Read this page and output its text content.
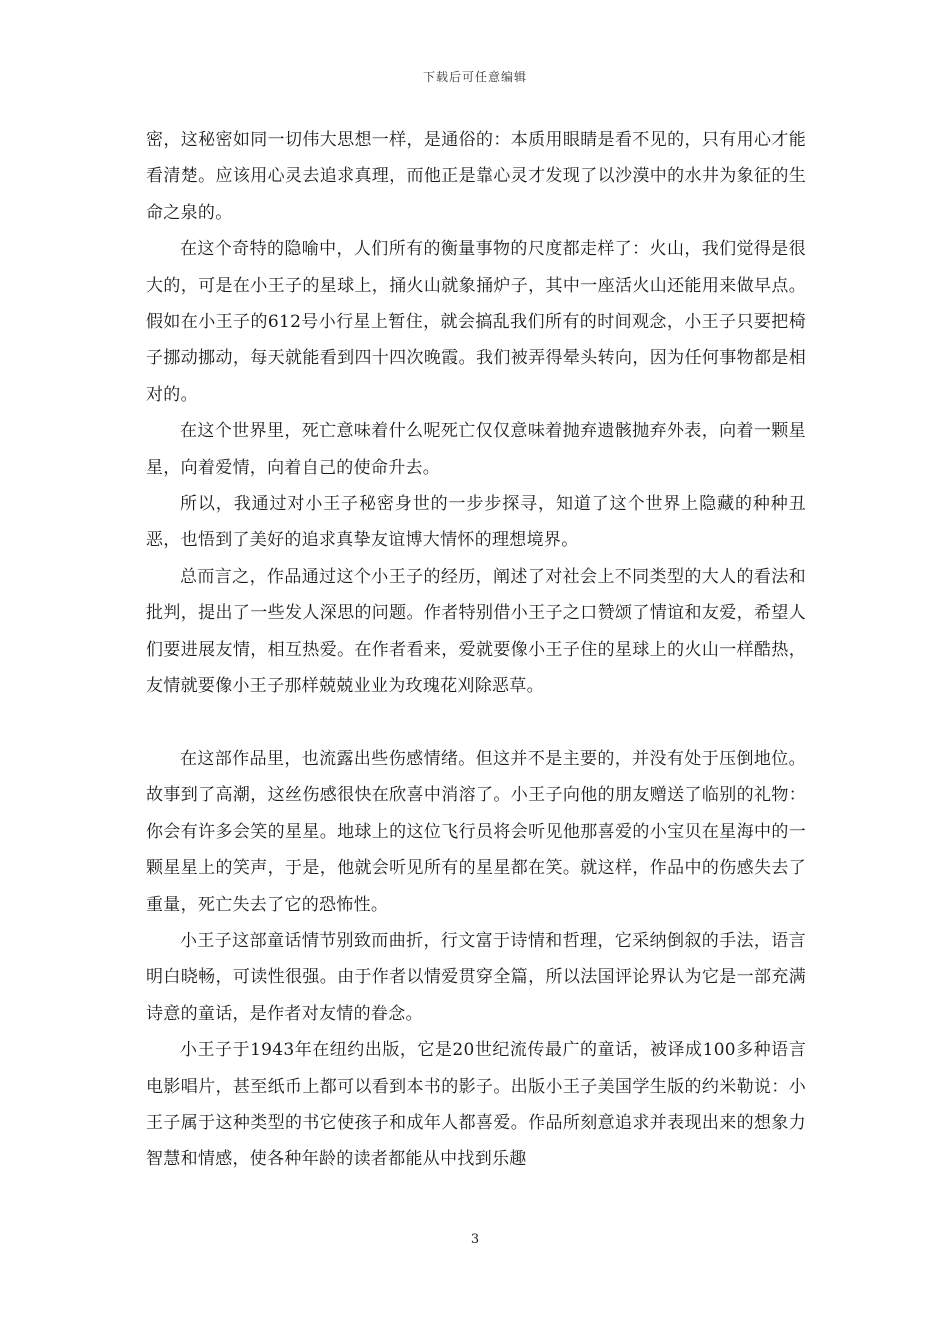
下载后可任意编辑

密，这秘密如同一切伟大思想一样，是通俗的：本质用眼睛是看不见的，只有用心才能看清楚。应该用心灵去追求真理，而他正是靠心灵才发现了以沙漠中的水井为象征的生命之泉的。

在这个奇特的隐喻中，人们所有的衡量事物的尺度都走样了：火山，我们觉得是很大的，可是在小王子的星球上，捅火山就象捅炉子，其中一座活火山还能用来做早点。假如在小王子的612号小行星上暂住，就会搞乱我们所有的时间观念，小王子只要把椅子挪动挪动，每天就能看到四十四次晚霞。我们被弄得晕头转向，因为任何事物都是相对的。

在这个世界里，死亡意味着什么呢死亡仅仅意味着抛弃遗骸抛弃外表，向着一颗星星，向着爱情，向着自己的使命升去。

所以，我通过对小王子秘密身世的一步步探寻，知道了这个世界上隐藏的种种丑恶，也悟到了美好的追求真挚友谊博大情怀的理想境界。

总而言之，作品通过这个小王子的经历，阐述了对社会上不同类型的大人的看法和批判，提出了一些发人深思的问题。作者特别借小王子之口赞颂了情谊和友爱，希望人们要进展友情，相互热爱。在作者看来，爱就要像小王子住的星球上的火山一样酷热，友情就要像小王子那样兢兢业业为玫瑰花刈除恶草。

在这部作品里，也流露出些伤感情绪。但这并不是主要的，并没有处于压倒地位。故事到了高潮，这丝伤感很快在欣喜中消溶了。小王子向他的朋友赠送了临别的礼物：你会有许多会笑的星星。地球上的这位飞行员将会听见他那喜爱的小宝贝在星海中的一颗星星上的笑声，于是，他就会听见所有的星星都在笑。就这样，作品中的伤感失去了重量，死亡失去了它的恐怖性。

小王子这部童话情节别致而曲折，行文富于诗情和哲理，它采纳倒叙的手法，语言明白晓畅，可读性很强。由于作者以情爱贯穿全篇，所以法国评论界认为它是一部充满诗意的童话，是作者对友情的眷念。

小王子于1943年在纽约出版，它是20世纪流传最广的童话，被译成100多种语言电影唱片，甚至纸币上都可以看到本书的影子。出版小王子美国学生版的约米勒说：小王子属于这种类型的书它使孩子和成年人都喜爱。作品所刻意追求并表现出来的想象力智慧和情感，使各种年龄的读者都能从中找到乐趣

3
